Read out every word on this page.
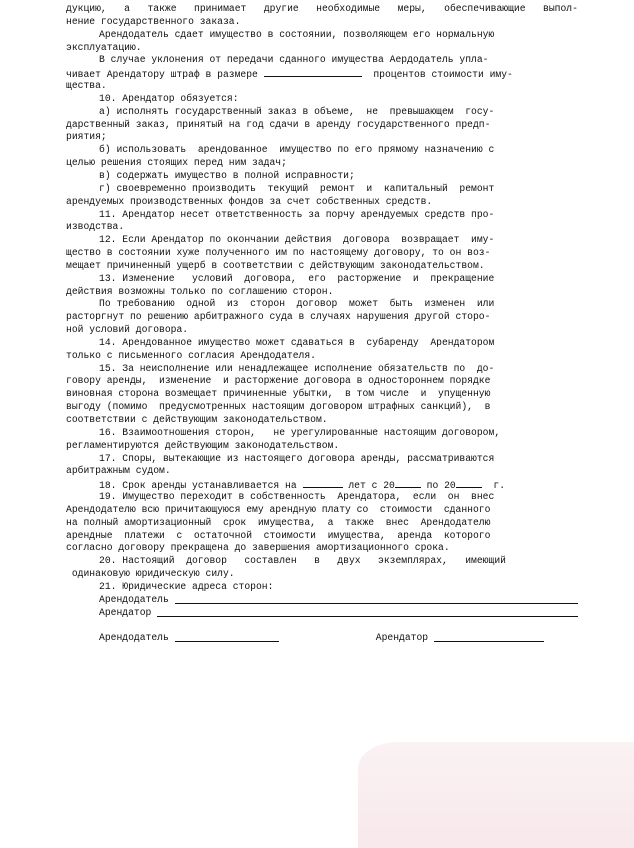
дукцию, а также принимает другие необходимые меры, обеспечивающие выпол-
нение государственного заказа.
Арендодатель сдает имущество в состоянии, позволяющем его нормальную
эксплуатацию.
В случае уклонения от передачи сданного имущества Аердодатель упла-
чивает Арендатору штраф в размере	процентов стоимости иму-
щества.
10. Арендатор обязуется:
а) исполнять государственный заказ в объеме,  не  превышающем  госу-
дарственный заказ, принятый на год сдачи в аренду государственного предп-
риятия;
б) использовать  арендованное  имущество по его прямому назначению с
целью решения стоящих перед ним задач;
в) содержать имущество в полной исправности;
г) своевременно производить  текущий  ремонт  и  капитальный  ремонт
арендуемых производственных фондов за счет собственных средств.
11. Арендатор несет ответственность за порчу арендуемых средств про-
изводства.
12. Если Арендатор по окончании действия  договора  возвращает  иму-
щество в состоянии хуже полученного им по настоящему договору, то он воз-
мещает причиненный ущерб в соответствии с действующим законодательством.
13. Изменение   условий  договора,  его  расторжение  и  прекращение
действия возможны только по соглашению сторон.
По требованию  одной  из  сторон  договор  может  быть  изменен  или
расторгнут по решению арбитражного суда в случаях нарушения другой сторо-
ной условий договора.
14. Арендованное имущество может сдаваться в  субаренду  Арендатором
только с письменного согласия Арендодателя.
15. За неисполнение или ненадлежащее исполнение обязательств по  до-
говору аренды,  изменение  и расторжение договора в одностороннем порядке
виновная сторона возмещает причиненные убытки,  в том числе  и  упущенную
выгоду (помимо  предусмотренных настоящим договором штрафных санкций),  в
соответствии с действующим законодательством.
16. Взаимоотношения сторон,   не урегулированные настоящим договором,
регламентируются действующим законодательством.
17. Споры, вытекающие из настоящего договора аренды, рассматриваются
арбитражным судом.
18. Срок аренды устанавливается на	лет с 20	по 20	г.
19. Имущество переходит в собственность  Арендатора,  если  он  внес
Арендодателю всю причитающуюся ему арендную плату со  стоимости  сданного
на полный амортизационный  срок  имущества,  а  также  внес  Арендодателю
арендные  платежи  с  остаточной  стоимости  имущества,  аренда  которого
согласно договору прекращена до завершения амортизационного срока.
20. Настоящий  договор   составлен   в   двух   экземплярах,   имеющий
одинаковую юридическую силу.
21. Юридические адреса сторон:
Арендодатель
Арендатор
Арендодатель	Арендатор
